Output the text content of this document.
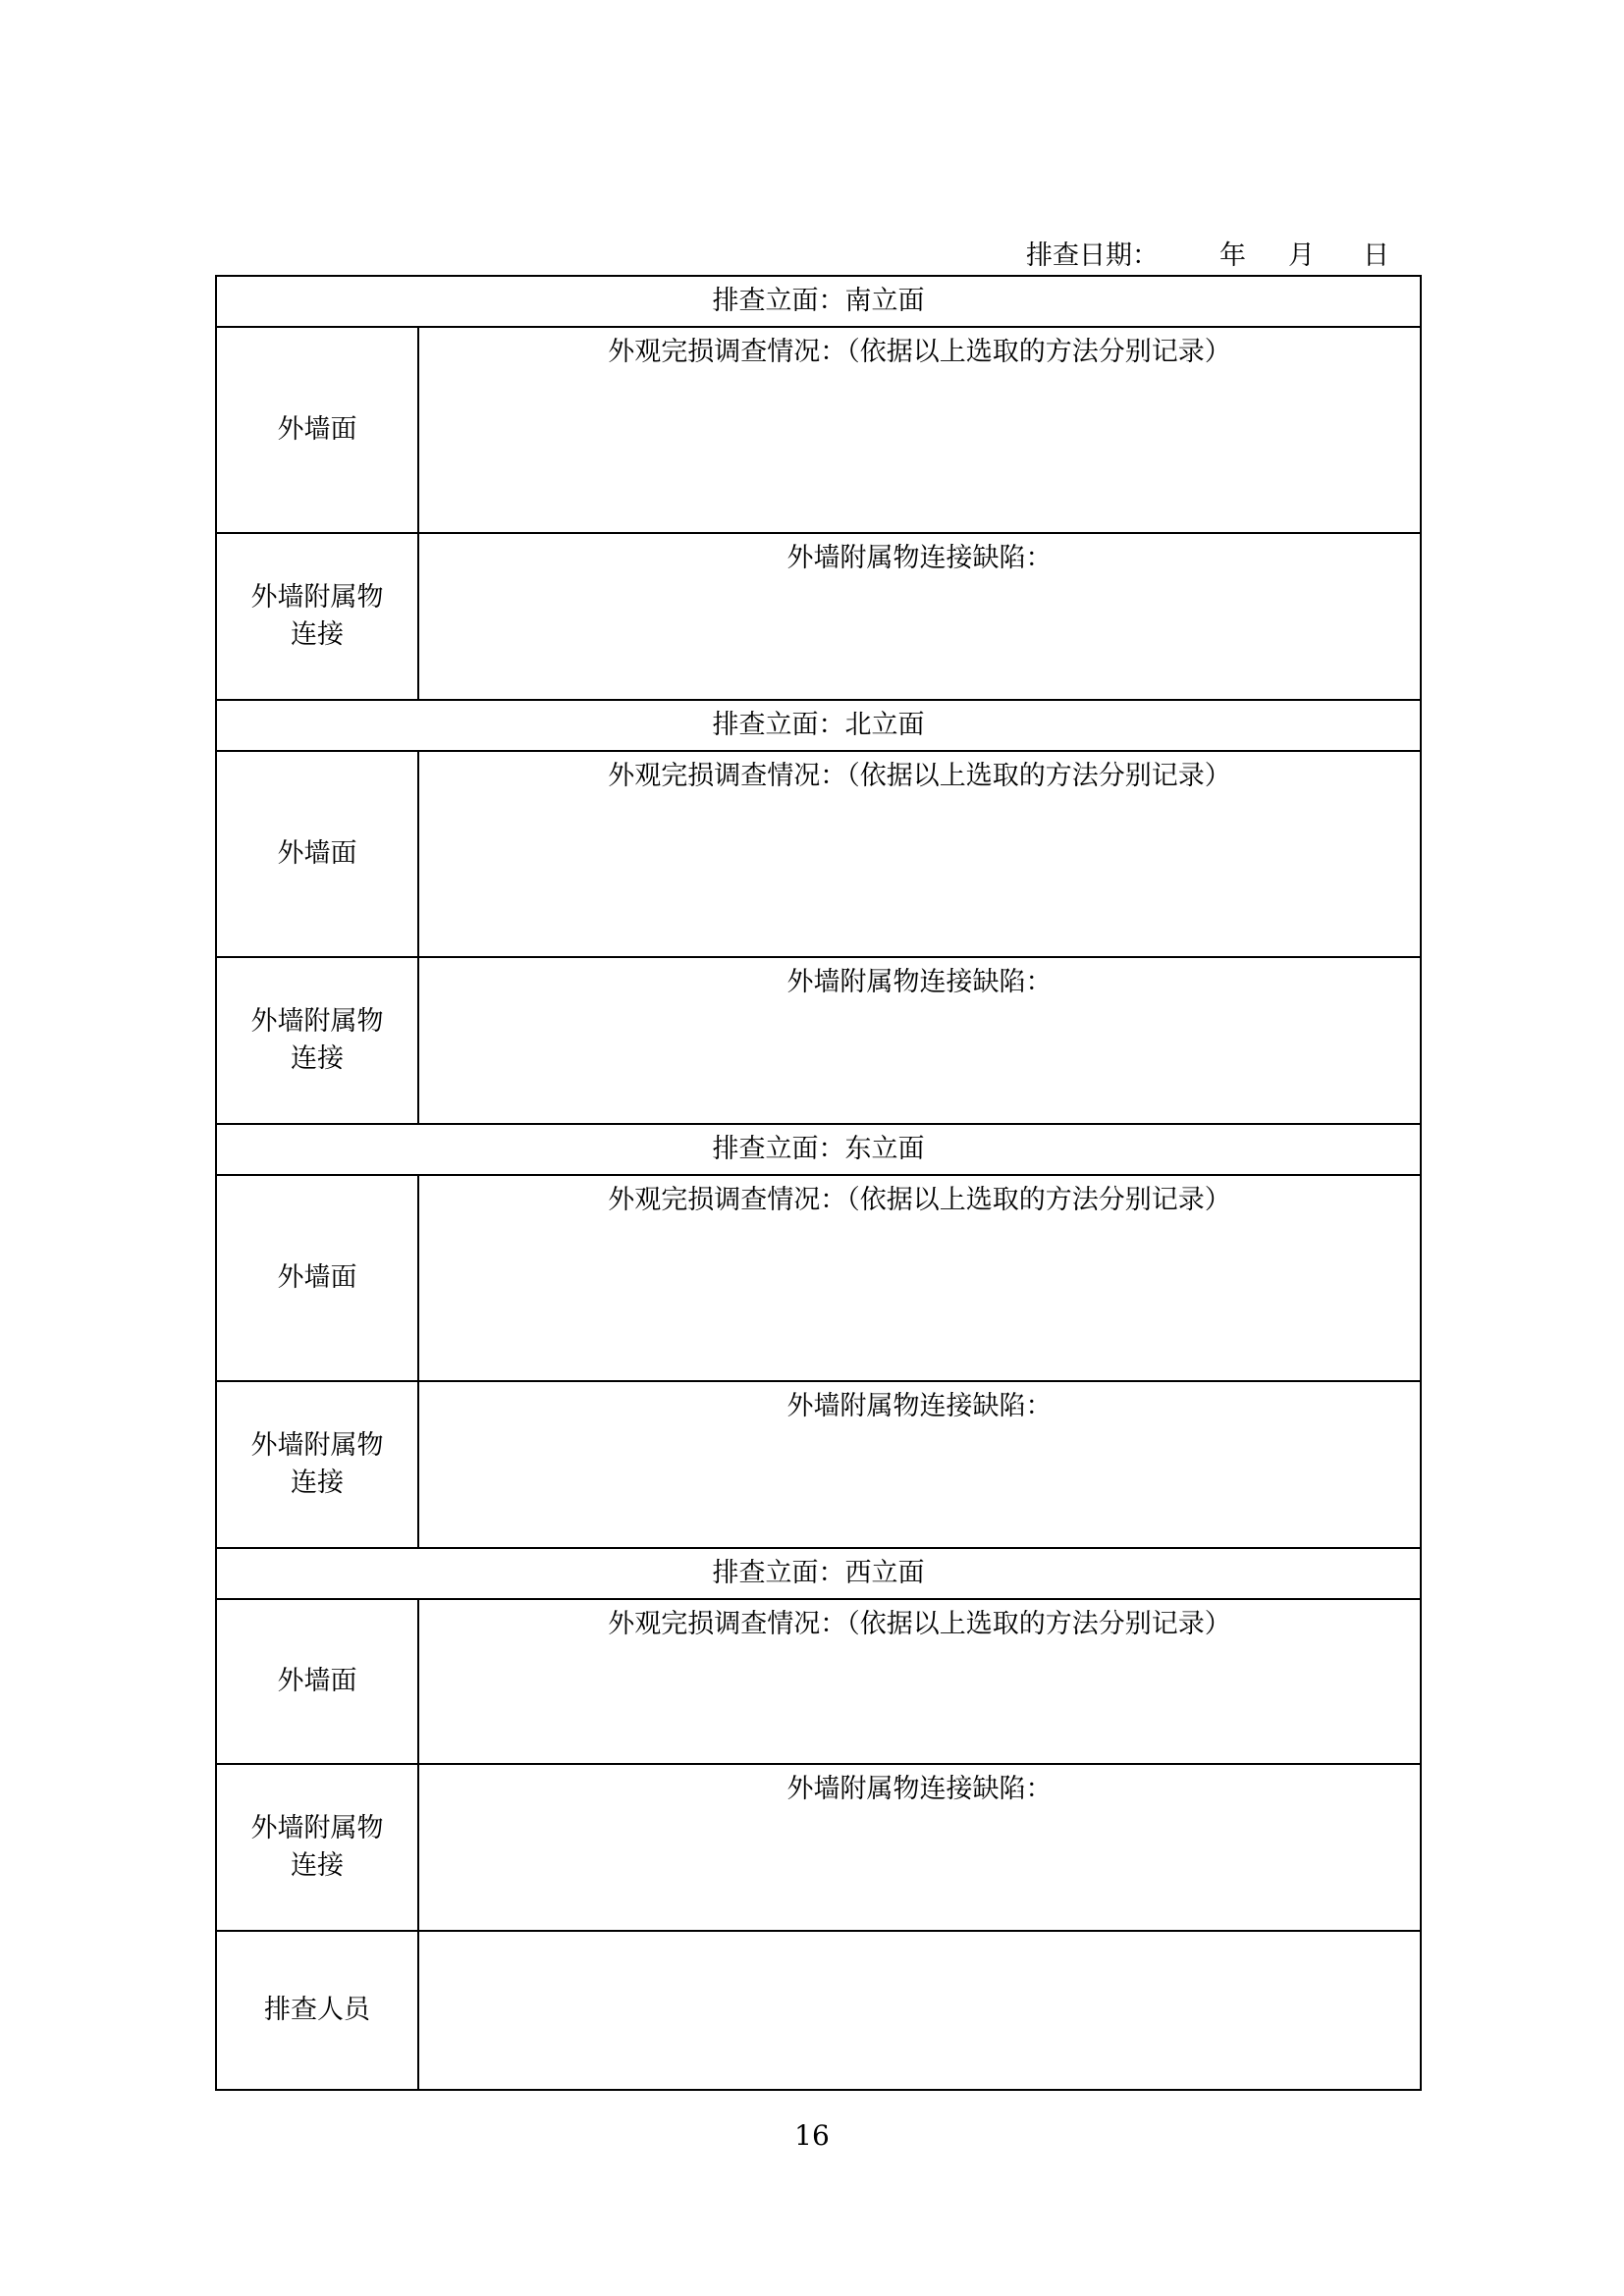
排查日期： 年 月 日
排查立面：南立面	
外墙面	外观完损调查情况：（依据以上选取的方法分别记录）

外墙附属物
连接	外墙附属物连接缺陷：
排查立面：北立面	
外墙面	外观完损调查情况：（依据以上选取的方法分别记录）

外墙附属物
连接	外墙附属物连接缺陷：
排查立面：东立面	
外墙面	外观完损调查情况：（依据以上选取的方法分别记录）

外墙附属物
连接	外墙附属物连接缺陷：
排查立面：西立面	
外墙面	外观完损调查情况：（依据以上选取的方法分别记录）

外墙附属物
连接	外墙附属物连接缺陷：
排查人员	
16
